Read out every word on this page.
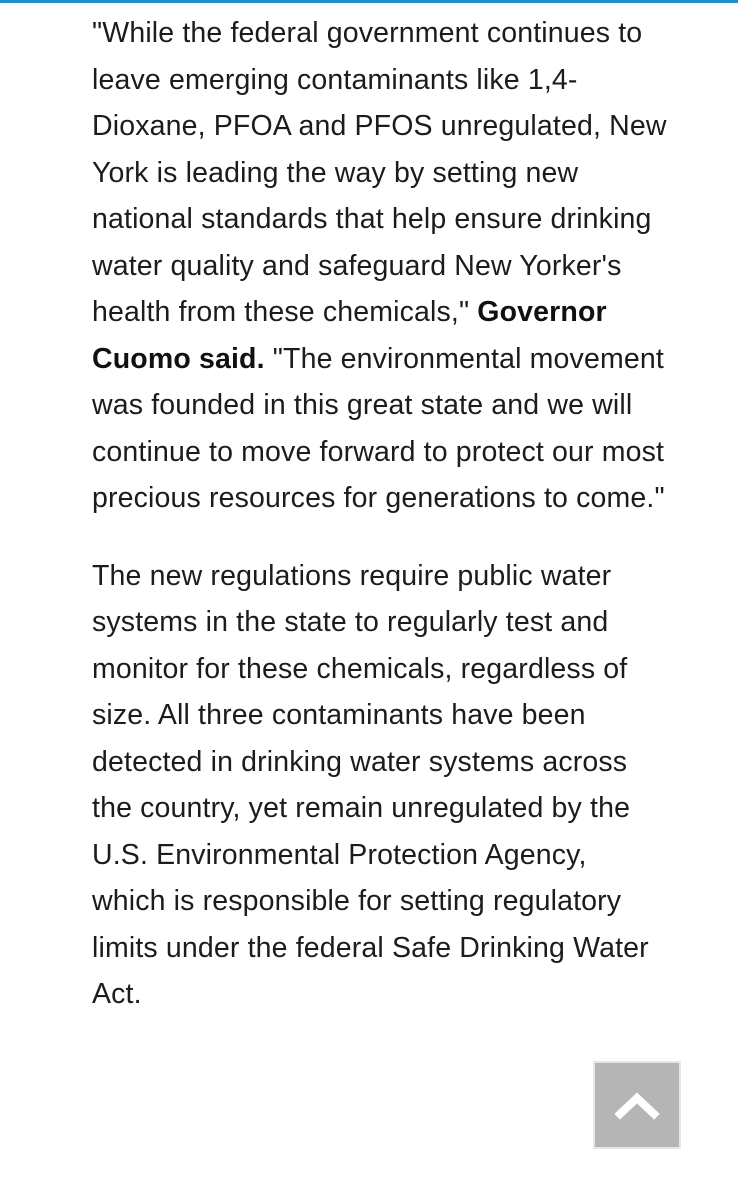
"While the federal government continues to leave emerging contaminants like 1,4-Dioxane, PFOA and PFOS unregulated, New York is leading the way by setting new national standards that help ensure drinking water quality and safeguard New Yorker's health from these chemicals," Governor Cuomo said. "The environmental movement was founded in this great state and we will continue to move forward to protect our most precious resources for generations to come."

The new regulations require public water systems in the state to regularly test and monitor for these chemicals, regardless of size. All three contaminants have been detected in drinking water systems across the country, yet remain unregulated by the U.S. Environmental Protection Agency, which is responsible for setting regulatory limits under the federal Safe Drinking Water Act.
